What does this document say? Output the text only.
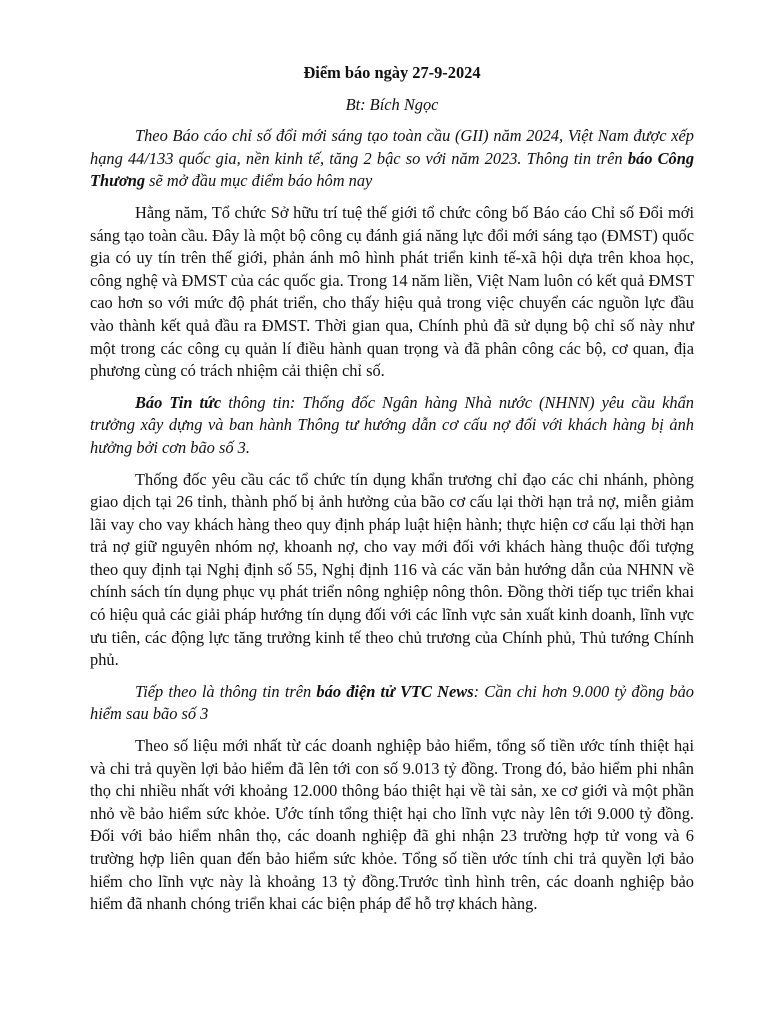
Điểm báo ngày 27-9-2024

Bt: Bích Ngọc

Theo Báo cáo chỉ số đổi mới sáng tạo toàn cầu (GII) năm 2024, Việt Nam được xếp hạng 44/133 quốc gia, nền kinh tế, tăng 2 bậc so với năm 2023. Thông tin trên báo Công Thương sẽ mở đầu mục điểm báo hôm nay

Hằng năm, Tổ chức Sở hữu trí tuệ thế giới tổ chức công bố Báo cáo Chỉ số Đổi mới sáng tạo toàn cầu. Đây là một bộ công cụ đánh giá năng lực đổi mới sáng tạo (ĐMST) quốc gia có uy tín trên thế giới, phản ánh mô hình phát triển kinh tế-xã hội dựa trên khoa học, công nghệ và ĐMST của các quốc gia. Trong 14 năm liền, Việt Nam luôn có kết quả ĐMST cao hơn so với mức độ phát triển, cho thấy hiệu quả trong việc chuyển các nguồn lực đầu vào thành kết quả đầu ra ĐMST. Thời gian qua, Chính phủ đã sử dụng bộ chỉ số này như một trong các công cụ quản lí điều hành quan trọng và đã phân công các bộ, cơ quan, địa phương cùng có trách nhiệm cải thiện chỉ số.

Báo Tin tức thông tin: Thống đốc Ngân hàng Nhà nước (NHNN) yêu cầu khẩn trưởng xây dựng và ban hành Thông tư hướng dẫn cơ cấu nợ đối với khách hàng bị ảnh hưởng bởi cơn bão số 3.

Thống đốc yêu cầu các tổ chức tín dụng khẩn trương chỉ đạo các chi nhánh, phòng giao dịch tại 26 tỉnh, thành phố bị ảnh hưởng của bão cơ cấu lại thời hạn trả nợ, miễn giảm lãi vay cho vay khách hàng theo quy định pháp luật hiện hành; thực hiện cơ cấu lại thời hạn trả nợ giữ nguyên nhóm nợ, khoanh nợ, cho vay mới đối với khách hàng thuộc đối tượng theo quy định tại Nghị định số 55, Nghị định 116 và các văn bản hướng dẫn của NHNN về chính sách tín dụng phục vụ phát triển nông nghiệp nông thôn. Đồng thời tiếp tục triển khai có hiệu quả các giải pháp hướng tín dụng đối với các lĩnh vực sản xuất kinh doanh, lĩnh vực ưu tiên, các động lực tăng trưởng kinh tế theo chủ trương của Chính phủ, Thủ tướng Chính phủ.

Tiếp theo là thông tin trên báo điện tử VTC News: Cần chi hơn 9.000 tỷ đồng bảo hiểm sau bão số 3

Theo số liệu mới nhất từ các doanh nghiệp bảo hiểm, tổng số tiền ước tính thiệt hại và chi trả quyền lợi bảo hiểm đã lên tới con số 9.013 tỷ đồng. Trong đó, bảo hiểm phi nhân thọ chi nhiều nhất với khoảng 12.000 thông báo thiệt hại về tài sản, xe cơ giới và một phần nhỏ về bảo hiểm sức khỏe. Ước tính tổng thiệt hại cho lĩnh vực này lên tới 9.000 tỷ đồng. Đối với bảo hiểm nhân thọ, các doanh nghiệp đã ghi nhận 23 trường hợp tử vong và 6 trường hợp liên quan đến bảo hiểm sức khỏe. Tổng số tiền ước tính chi trả quyền lợi bảo hiểm cho lĩnh vực này là khoảng 13 tỷ đồng.Trước tình hình trên, các doanh nghiệp bảo hiểm đã nhanh chóng triển khai các biện pháp để hỗ trợ khách hàng.
